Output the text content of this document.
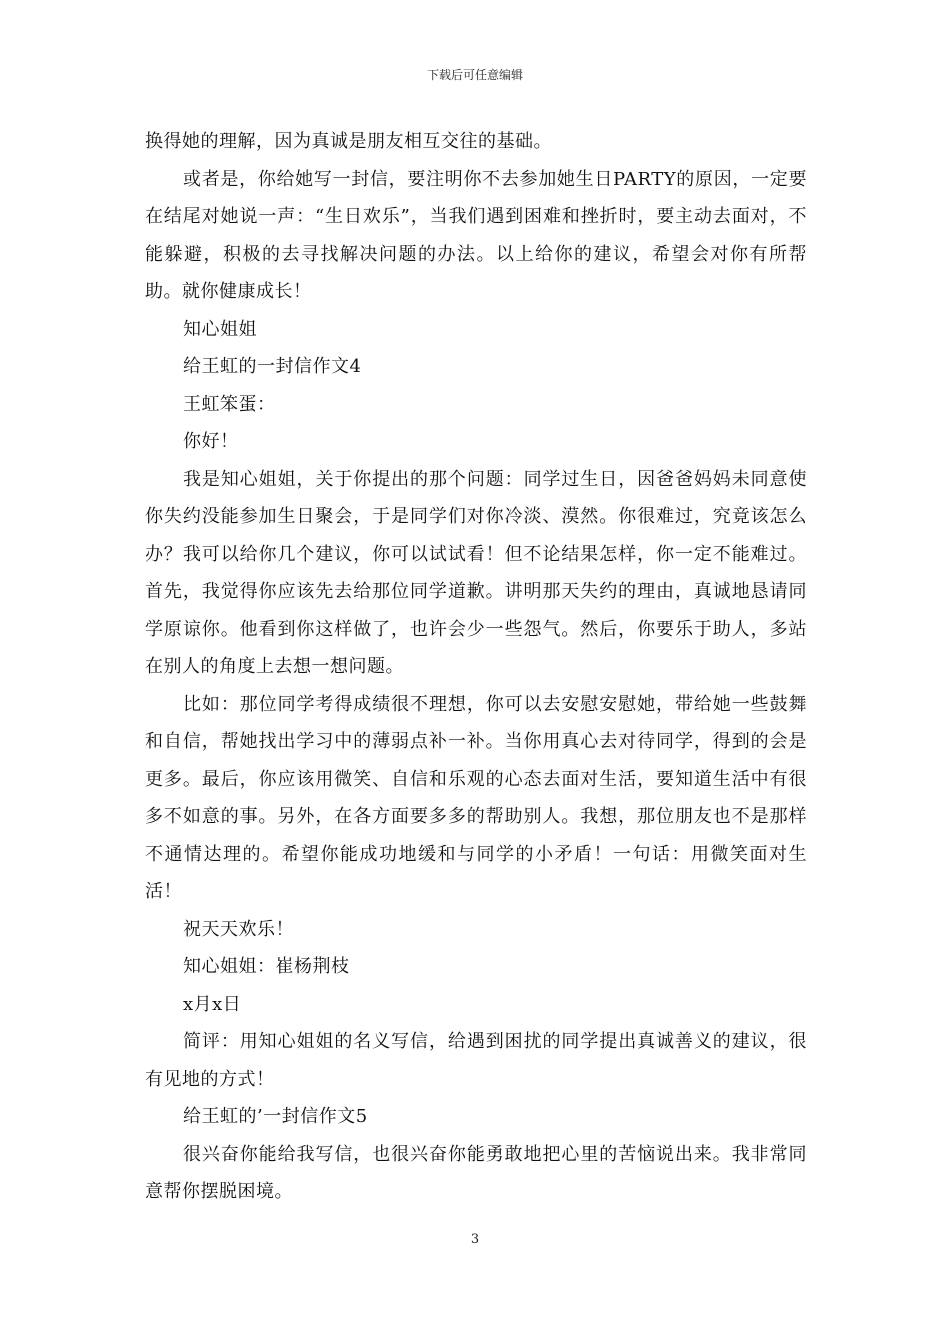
下载后可任意编辑

换得她的理解，因为真诚是朋友相互交往的基础。

或者是，你给她写一封信，要注明你不去参加她生日PARTY的原因，一定要在结尾对她说一声：“生日欢乐”，当我们遇到困难和挫折时，要主动去面对，不能躲避，积极的去寻找解决问题的办法。以上给你的建议，希望会对你有所帮助。就你健康成长！

知心姐姐

给王虹的一封信作文4

王虹笨蛋：

你好！

我是知心姐姐，关于你提出的那个问题：同学过生日，因爸爸妈妈未同意使你失约没能参加生日聚会，于是同学们对你冷淡、漠然。你很难过，究竟该怎么办？我可以给你几个建议，你可以试试看！但不论结果怎样，你一定不能难过。首先，我觉得你应该先去给那位同学道歉。讲明那天失约的理由，真诚地恳请同学原谅你。他看到你这样做了，也许会少一些怨气。然后，你要乐于助人，多站在别人的角度上去想一想问题。

比如：那位同学考得成绩很不理想，你可以去安慰安慰她，带给她一些鼓舞和自信，帮她找出学习中的薄弱点补一补。当你用真心去对待同学，得到的会是更多。最后，你应该用微笑、自信和乐观的心态去面对生活，要知道生活中有很多不如意的事。另外，在各方面要多多的帮助别人。我想，那位朋友也不是那样不通情达理的。希望你能成功地缓和与同学的小矛盾！一句话：用微笑面对生活！

祝天天欢乐！

知心姐姐：崔杨荆枝

x月x日

简评：用知心姐姐的名义写信，给遇到困扰的同学提出真诚善义的建议，很有见地的方式！

给王虹的’一封信作文5

很兴奋你能给我写信，也很兴奋你能勇敢地把心里的苦恼说出来。我非常同意帮你摆脱困境。

3
